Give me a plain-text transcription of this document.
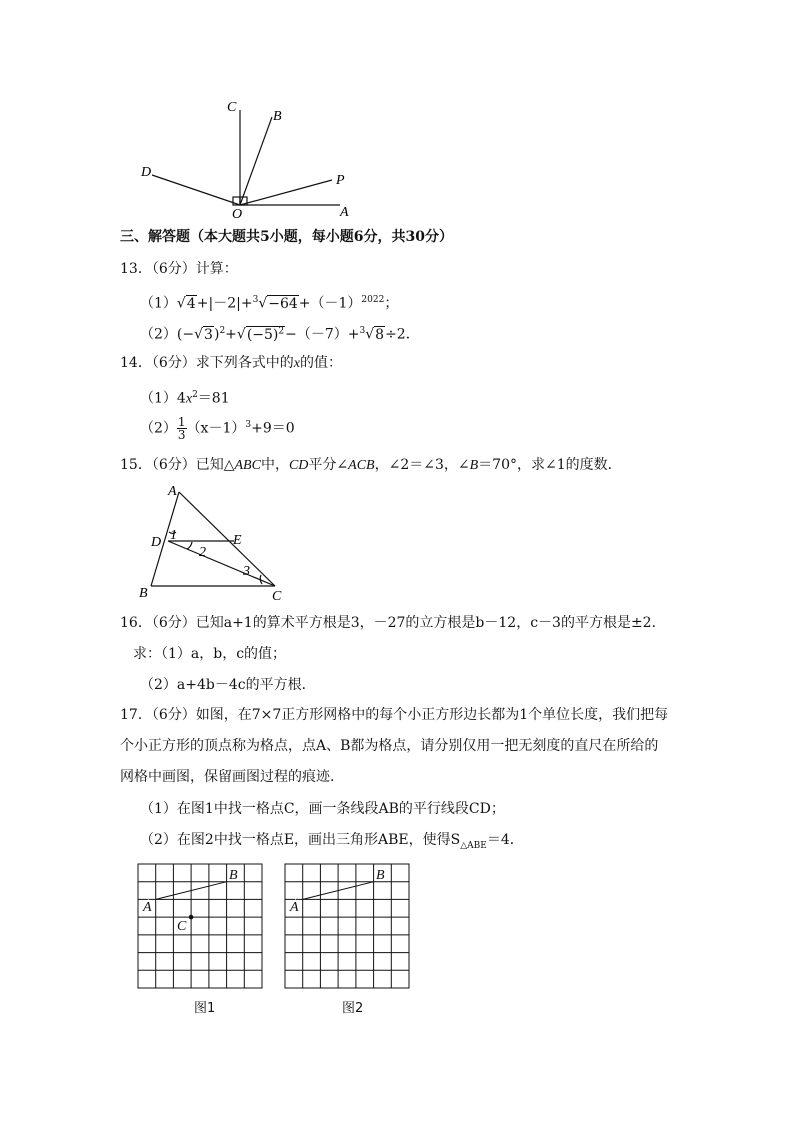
C
B
D
P
O	A
三、解答题（本大题共5小题，每小题6分，共30分）
13．（6分）计算：
$(1)√4+|-2|+^3√-64+(-1)^{2022}$；
$(2)(-√3)^2+√(-5)^2-(-7)+^3√8\div 2$．
14．（6分）求下列各式中的x的值：
$(1)4x^2=81$
$(2) \frac{1}{3} (x-1)^3+9=0$
15．（6分）已知△ABC中，CD平分∠ACB，∠2＝∠3，∠B＝70°，求∠1的度数．
A
D	E
B	C
1
2
3
16．（6分）已知a+1的算术平方根是3，－27的立方根是b－12，c－3的平方根是±2．
求：（1）a，b，c的值；
（2）a+4b－4c的平方根．
17．（6分）如图，在7×7正方形网格中的每个小正方形边长都为1个单位长度，我们把每
个小正方形的顶点称为格点，点A、B都为格点，请分别仅用一把无刻度的直尺在所给的
网格中画图，保留画图过程的痕迹．
（1）在图1中找一格点C，画一条线段AB的平行线段CD；
（2）在图2中找一格点E，画出三角形ABE，使得$S_{\triangle ABE}=4$．
A
B
C
图1
A
B
图2
